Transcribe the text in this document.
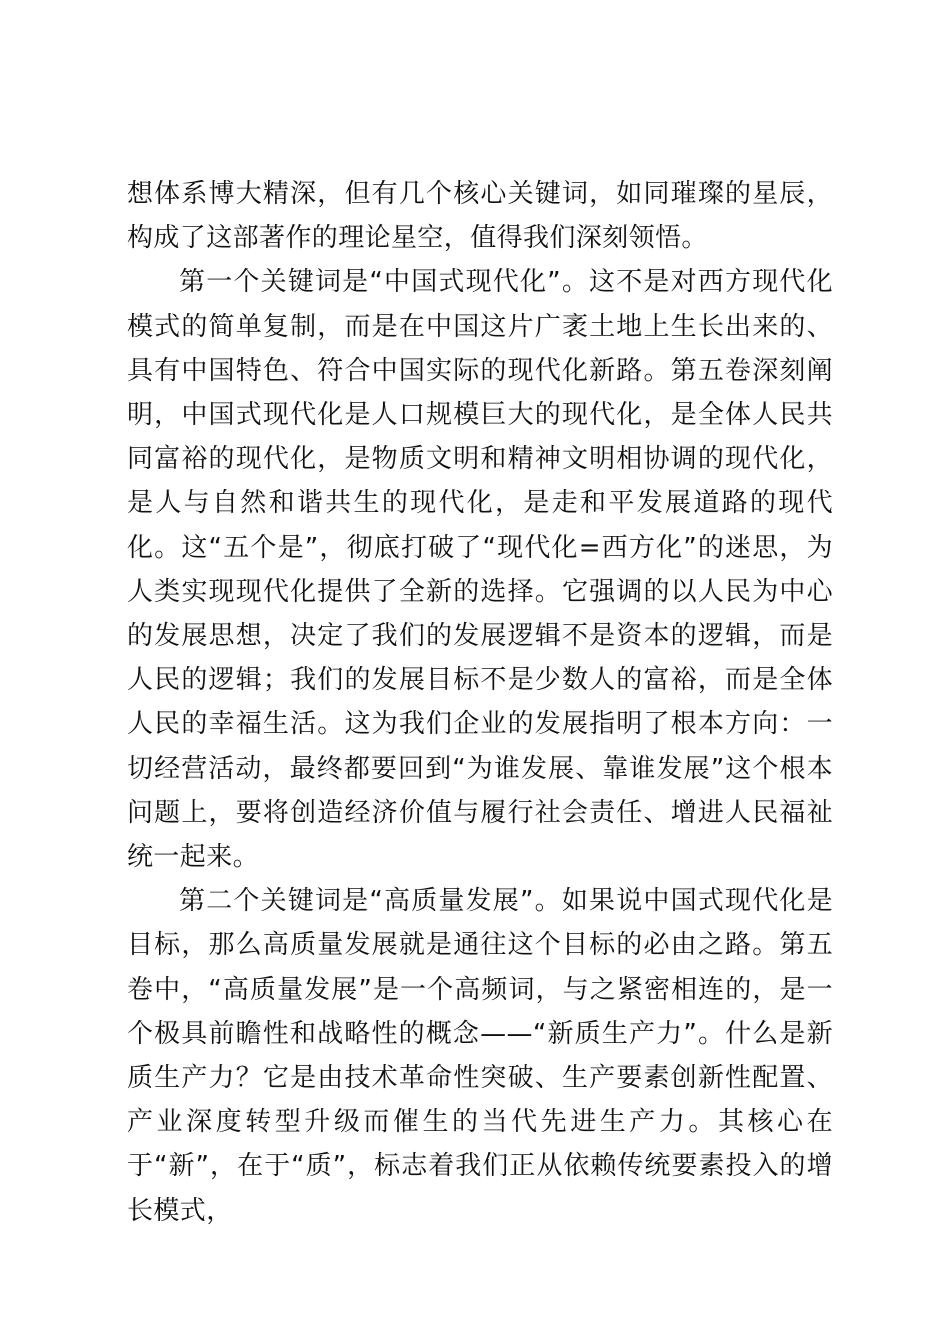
想体系博大精深，但有几个核心关键词，如同璀璨的星辰，构成了这部著作的理论星空，值得我们深刻领悟。

第一个关键词是“中国式现代化”。这不是对西方现代化模式的简单复制，而是在中国这片广袤土地上生长出来的、具有中国特色、符合中国实际的现代化新路。第五卷深刻阐明，中国式现代化是人口规模巨大的现代化，是全体人民共同富裕的现代化，是物质文明和精神文明相协调的现代化，是人与自然和谐共生的现代化，是走和平发展道路的现代化。这“五个是”，彻底打破了“现代化=西方化”的迷思，为人类实现现代化提供了全新的选择。它强调的以人民为中心的发展思想，决定了我们的发展逻辑不是资本的逻辑，而是人民的逻辑；我们的发展目标不是少数人的富裕，而是全体人民的幸福生活。这为我们企业的发展指明了根本方向：一切经营活动，最终都要回到“为谁发展、靠谁发展”这个根本问题上，要将创造经济价值与履行社会责任、增进人民福祉统一起来。

第二个关键词是“高质量发展”。如果说中国式现代化是目标，那么高质量发展就是通往这个目标的必由之路。第五卷中，“高质量发展”是一个高频词，与之紧密相连的，是一个极具前瞻性和战略性的概念——“新质生产力”。什么是新质生产力？它是由技术革命性突破、生产要素创新性配置、产业深度转型升级而催生的当代先进生产力。其核心在于“新”，在于“质”，标志着我们正从依赖传统要素投入的增长模式，
